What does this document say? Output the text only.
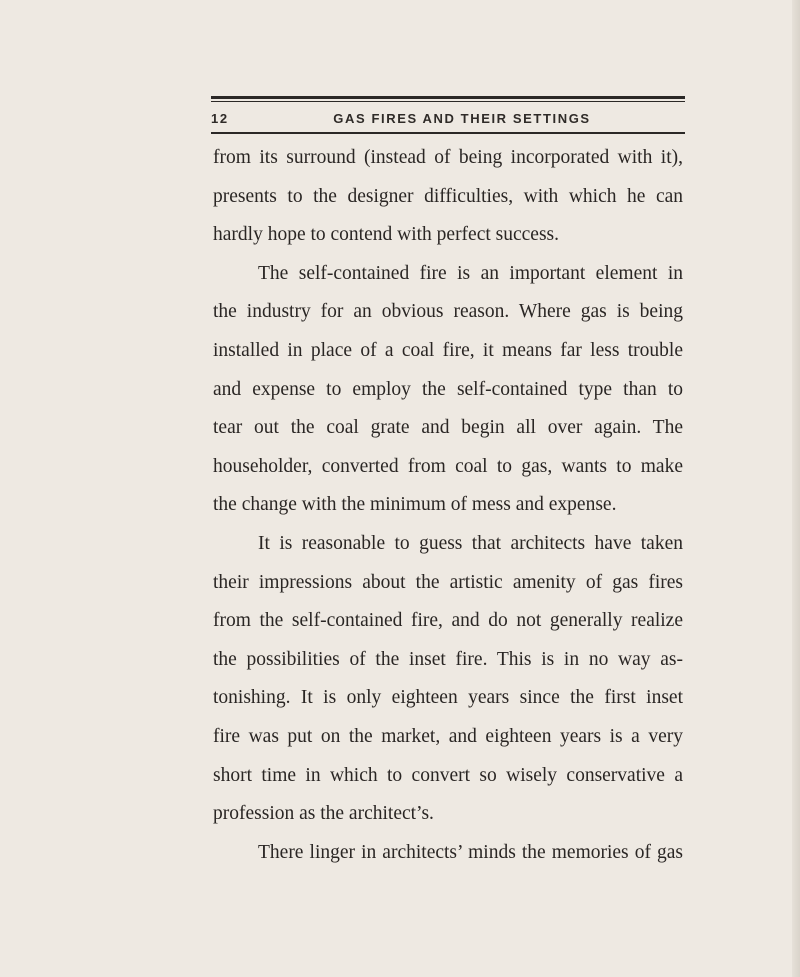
12	GAS FIRES AND THEIR SETTINGS
from its surround (instead of being incorporated with it),
presents to the designer difficulties, with which he can
hardly hope to contend with perfect success.
The self-contained fire is an important element in
the industry for an obvious reason. Where gas is being
installed in place of a coal fire, it means far less trouble
and expense to employ the self-contained type than to
tear out the coal grate and begin all over again. The
householder, converted from coal to gas, wants to make
the change with the minimum of mess and expense.
It is reasonable to guess that architects have taken
their impressions about the artistic amenity of gas fires
from the self-contained fire, and do not generally realize
the possibilities of the inset fire. This is in no way as-
tonishing. It is only eighteen years since the first inset
fire was put on the market, and eighteen years is a very
short time in which to convert so wisely conservative a
profession as the architect’s.
There linger in architects’ minds the memories of gas
